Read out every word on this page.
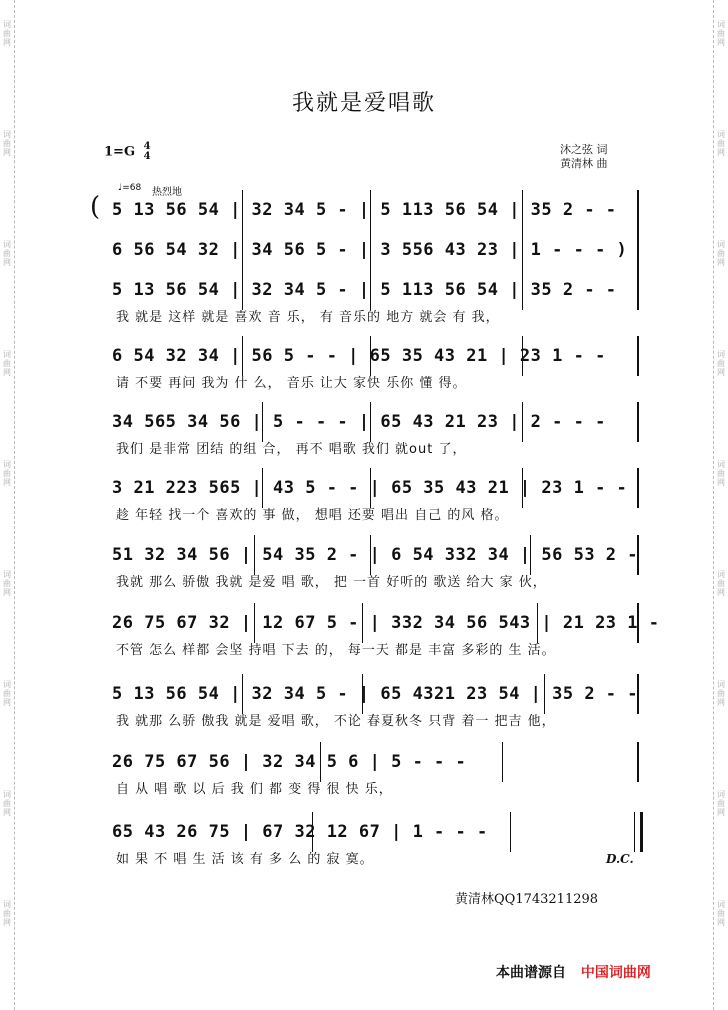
词
曲
网
词
曲
网
词
曲
网
词
曲
网
词
曲
网
词
曲
网
词
曲
网
词
曲
网
词
曲
网
词
曲
网
词
曲
网
词
曲
网
词
曲
网
词
曲
网
词
曲
网
词
曲
网
词
曲
网
词
曲
网
我就是爱唱歌
1=G 4
4
沐之弦 词
黄清林 曲
♩=68 热烈地
( 5 13 56 54 | 32 34 5 - | 5 113 56 54 | 35 2 - -
6 56 54 32 | 34 56 5 - | 3 556 43 23 | 1 - - - )
5 13 56 54 | 32 34 5 - | 5 113 56 54 | 35 2 - -
我 就是 这样 就是 喜欢 音 乐， 有 音乐的 地方 就会 有 我，
6 54 32 34 | 56 5 - - | 65 35 43 21 | 23 1 - -
请 不要 再问 我为 什 么， 音乐 让大 家快 乐你 懂 得。
34 565 34 56 | 5 - - - | 65 43 21 23 | 2 - - -
我们 是非常 团结 的组 合， 再不 唱歌 我们 就out 了，
3 21 223 565 | 43 5 - - | 65 35 43 21 | 23 1 - -
趁 年轻 找一个 喜欢的 事 做， 想唱 还要 唱出 自己 的风 格。
51 32 34 56 | 54 35 2 - | 6 54 332 34 | 56 53 2 -
我就 那么 骄傲 我就 是爱 唱 歌， 把 一首 好听的 歌送 给大 家 伙，
26 75 67 32 | 12 67 5 - | 332 34 56 543 | 21 23 1 -
不管 怎么 样都 会坚 持唱 下去 的， 每一天 都是 丰富 多彩的 生 活。
5 13 56 54 | 32 34 5 - | 65 4321 23 54 | 35 2 - -
我 就那 么骄 傲我 就是 爱唱 歌， 不论 春夏秋冬 只背 着一 把吉 他，
26 75 67 56 | 32 34 5 6 | 5 - - -
自 从 唱 歌 以 后 我 们 都 变 得 很 快 乐，
65 43 26 75 | 67 32 12 67 | 1 - - -
如 果 不 唱 生 活 该 有 多 么 的 寂 寞。	D.C.
黄清林QQ1743211298
本曲谱源自 中国词曲网
